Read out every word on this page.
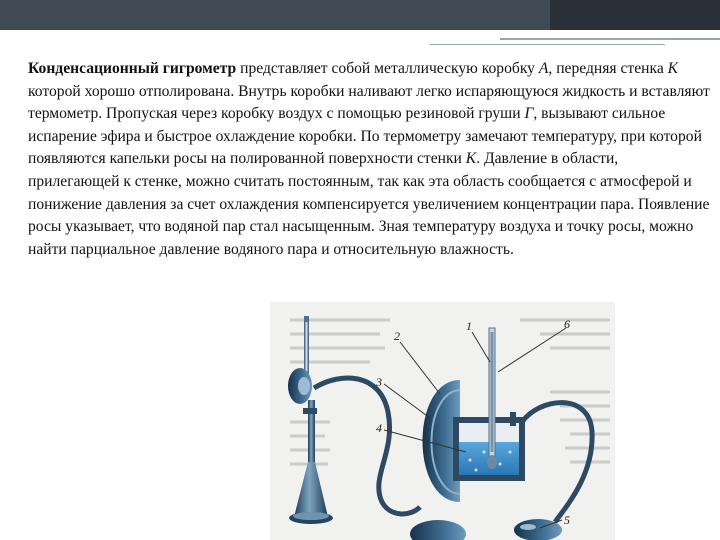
Конденсационный гигрометр представляет собой металлическую коробку A, передняя стенка K которой хорошо отполирована. Внутрь коробки наливают легко испаряющуюся жидкость и вставляют термометр. Пропуская через коробку воздух с помощью резиновой груши Г, вызывают сильное испарение эфира и быстрое охлаждение коробки. По термометру замечают температуру, при которой появляются капельки росы на полированной поверхности стенки K. Давление в области, прилегающей к стенке, можно считать постоянным, так как эта область сообщается с атмосферой и понижение давления за счет охлаждения компенсируется увеличением концентрации пара. Появление росы указывает, что водяной пар стал насыщенным. Зная температуру воздуха и точку росы, можно найти парциальное давление водяного пара и относительную влажность.
1
2
3
4
5
6
